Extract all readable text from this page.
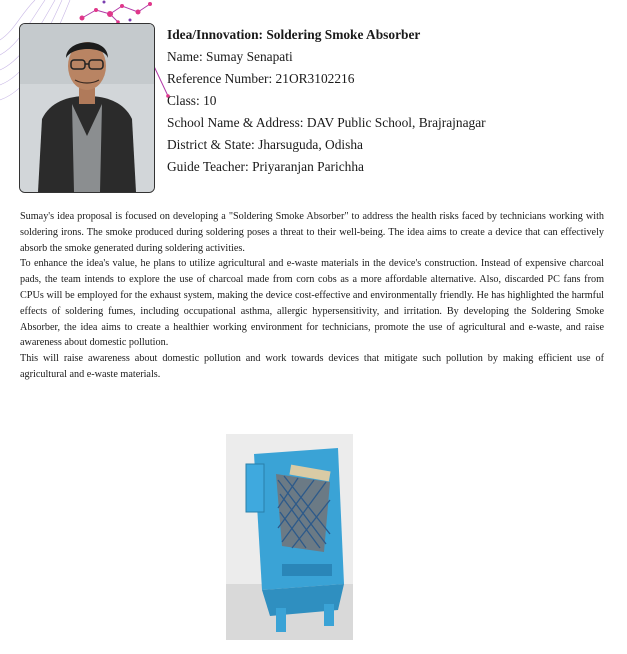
Idea/Innovation: Soldering Smoke Absorber
Name: Sumay Senapati
Reference Number: 21OR3102216
Class: 10
School Name & Address: DAV Public School, Brajrajnagar
District & State: Jharsuguda, Odisha
Guide Teacher: Priyaranjan Parichha

Sumay's idea proposal is focused on developing a "Soldering Smoke Absorber" to address the health risks faced by technicians working with soldering irons. The smoke produced during soldering poses a threat to their well-being. The idea aims to create a device that can effectively absorb the smoke generated during soldering activities.

To enhance the idea's value, he plans to utilize agricultural and e-waste materials in the device's construction. Instead of expensive charcoal pads, the team intends to explore the use of charcoal made from corn cobs as a more affordable alternative. Also, discarded PC fans from CPUs will be employed for the exhaust system, making the device cost-effective and environmentally friendly. He has highlighted the harmful effects of soldering fumes, including occupational asthma, allergic hypersensitivity, and irritation. By developing the Soldering Smoke Absorber, the idea aims to create a healthier working environment for technicians, promote the use of agricultural and e-waste, and raise awareness about domestic pollution.

This will raise awareness about domestic pollution and work towards devices that mitigate such pollution by making efficient use of agricultural and e-waste materials.
